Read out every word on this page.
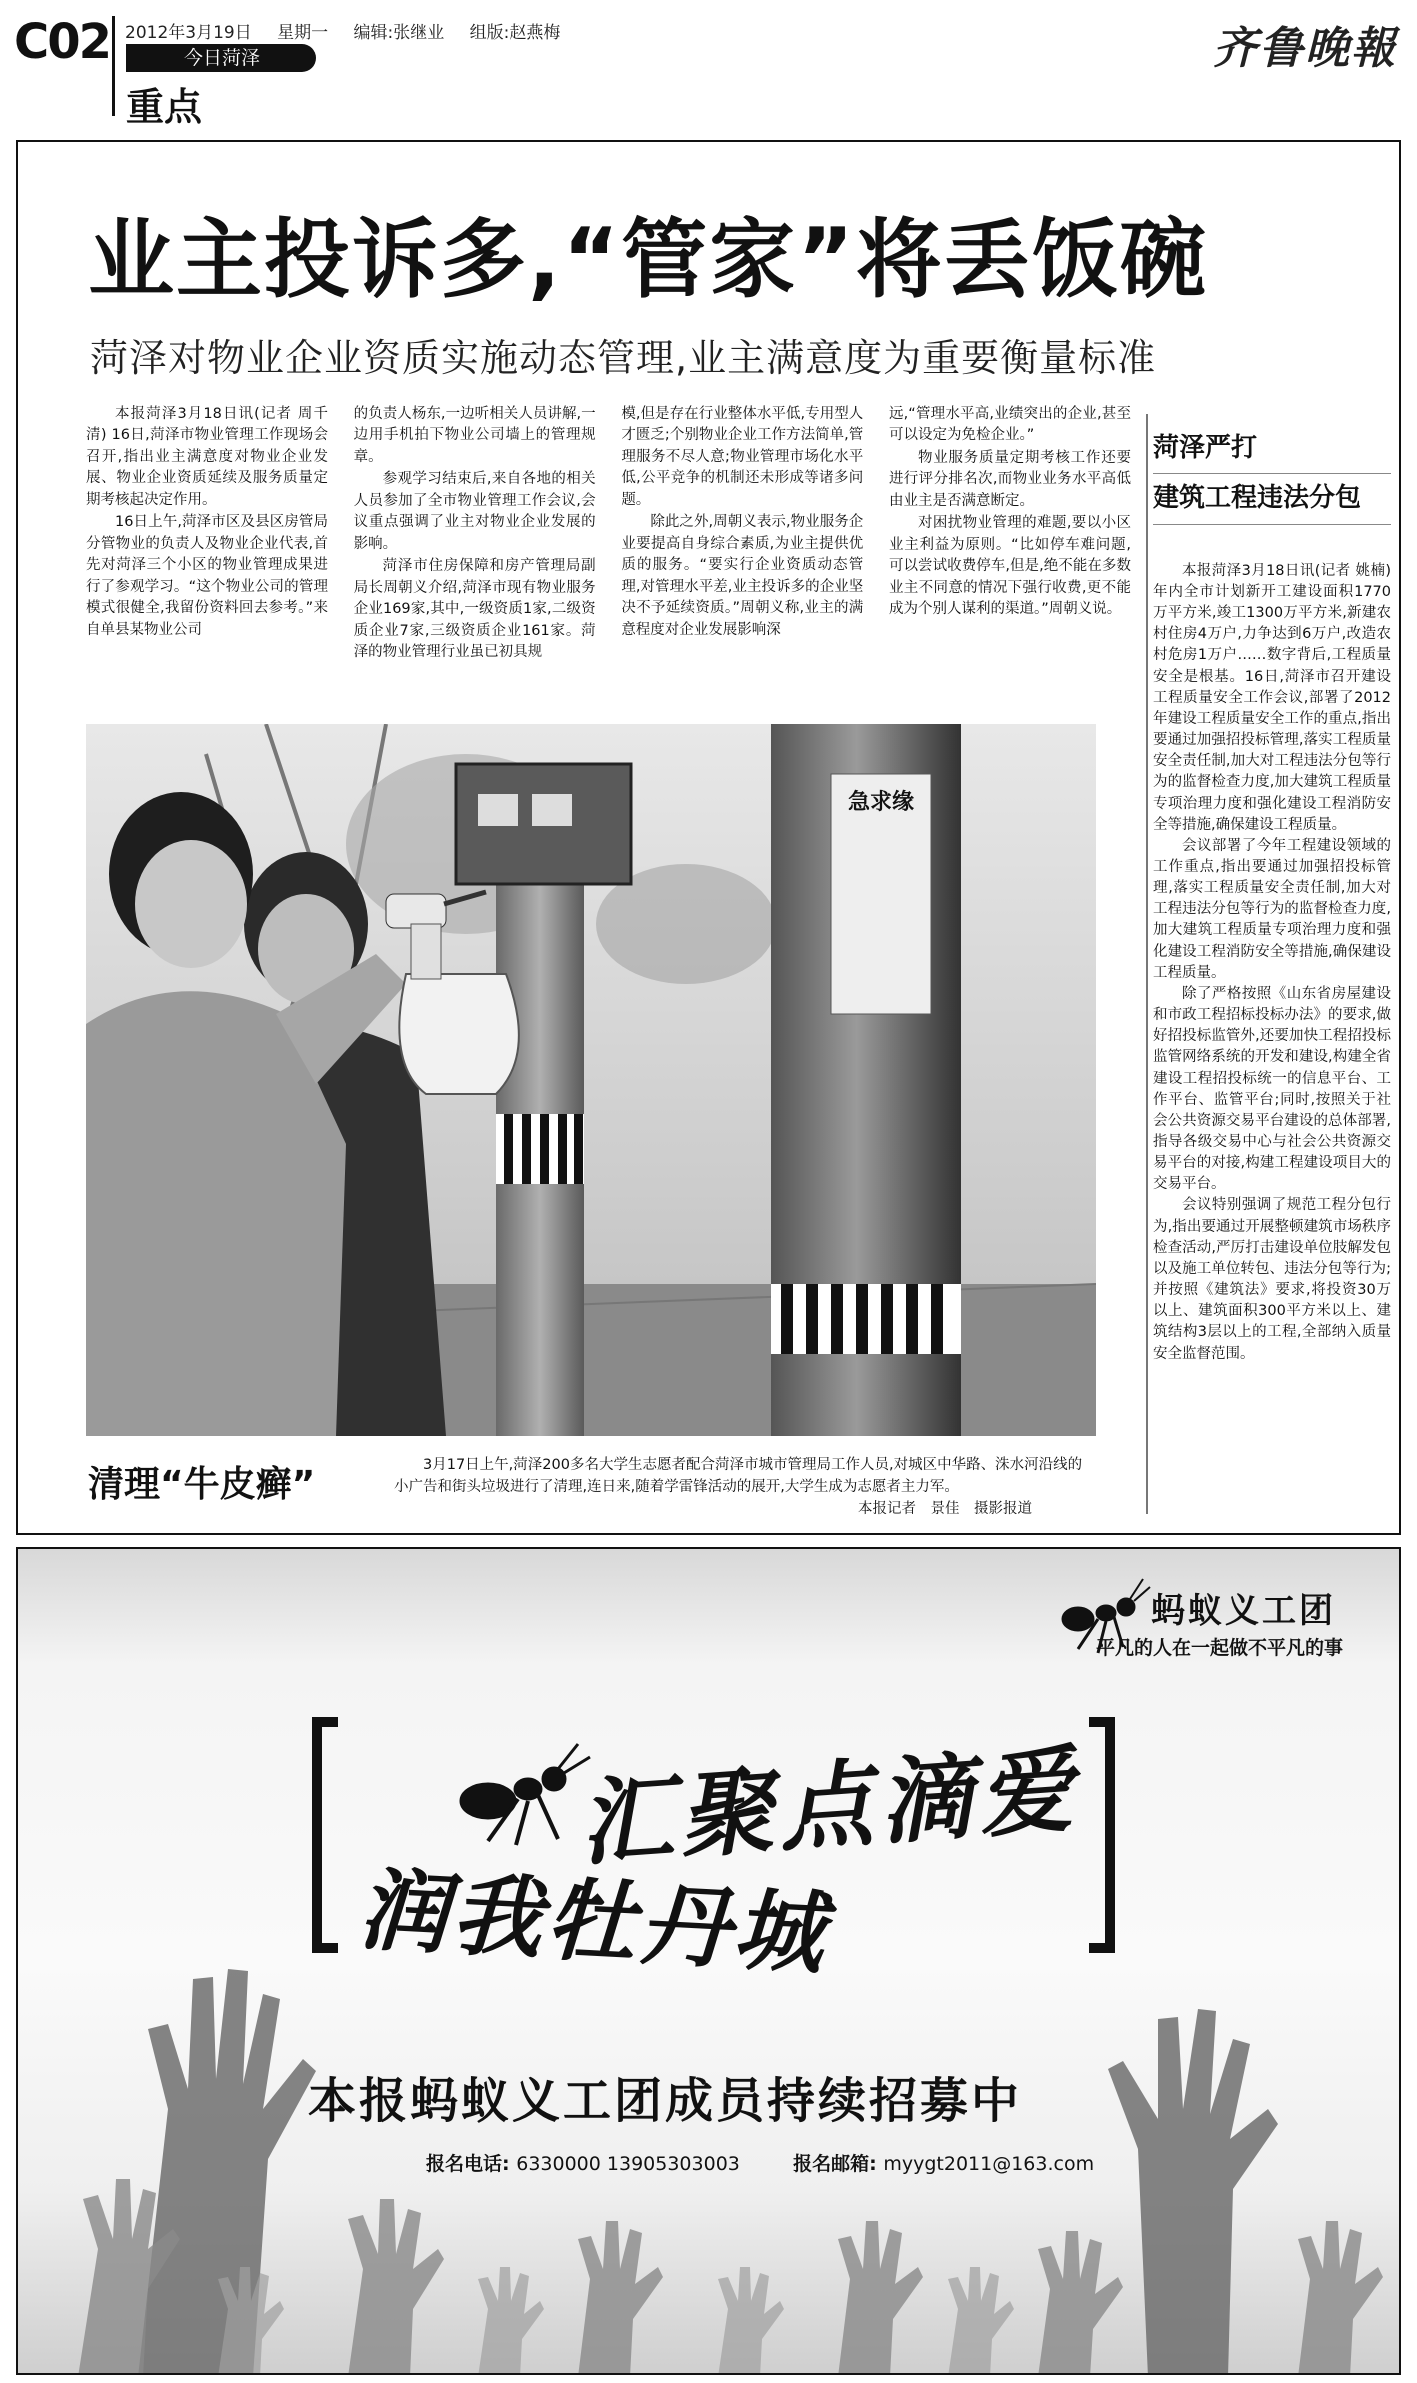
C02 2012年3月19日 星期一 编辑:张继业 组版:赵燕梅
今日菏泽
重点
齐鲁晚報
业主投诉多,“管家”将丢饭碗
菏泽对物业企业资质实施动态管理,业主满意度为重要衡量标准

本报菏泽3月18日讯(记者 周千清) 16日,菏泽市物业管理工作现场会召开,指出业主满意度对物业企业发展、物业企业资质延续及服务质量定期考核起决定作用。

16日上午,菏泽市区及县区房管局分管物业的负责人及物业企业代表,首先对菏泽三个小区的物业管理成果进行了参观学习。“这个物业公司的管理模式很健全,我留份资料回去参考。”来自单县某物业公司

的负责人杨东,一边听相关人员讲解,一边用手机拍下物业公司墙上的管理规章。

参观学习结束后,来自各地的相关人员参加了全市物业管理工作会议,会议重点强调了业主对物业企业发展的影响。

菏泽市住房保障和房产管理局副局长周朝义介绍,菏泽市现有物业服务企业169家,其中,一级资质1家,二级资质企业7家,三级资质企业161家。菏泽的物业管理行业虽已初具规

模,但是存在行业整体水平低,专用型人才匮乏;个别物业企业工作方法简单,管理服务不尽人意;物业管理市场化水平低,公平竞争的机制还未形成等诸多问题。

除此之外,周朝义表示,物业服务企业要提高自身综合素质,为业主提供优质的服务。“要实行企业资质动态管理,对管理水平差,业主投诉多的企业坚决不予延续资质。”周朝义称,业主的满意程度对企业发展影响深

远,“管理水平高,业绩突出的企业,甚至可以设定为免检企业。”

物业服务质量定期考核工作还要进行评分排名次,而物业业务水平高低由业主是否满意断定。

对困扰物业管理的难题,要以小区业主利益为原则。“比如停车难问题,可以尝试收费停车,但是,绝不能在多数业主不同意的情况下强行收费,更不能成为个别人谋利的渠道。”周朝义说。

急求缘
清理“牛皮癣”	3月17日上午,菏泽200多名大学生志愿者配合菏泽市城市管理局工作人员,对城区中华路、洙水河沿线的小广告和街头垃圾进行了清理,连日来,随着学雷锋活动的展开,大学生成为志愿者主力军。
本报记者　景佳　摄影报道
菏泽严打
建筑工程违法分包

本报菏泽3月18日讯(记者 姚楠) 年内全市计划新开工建设面积1770万平方米,竣工1300万平方米,新建农村住房4万户,力争达到6万户,改造农村危房1万户……数字背后,工程质量安全是根基。16日,菏泽市召开建设工程质量安全工作会议,部署了2012年建设工程质量安全工作的重点,指出要通过加强招投标管理,落实工程质量安全责任制,加大对工程违法分包等行为的监督检查力度,加大建筑工程质量专项治理力度和强化建设工程消防安全等措施,确保建设工程质量。

会议部署了今年工程建设领域的工作重点,指出要通过加强招投标管理,落实工程质量安全责任制,加大对工程违法分包等行为的监督检查力度,加大建筑工程质量专项治理力度和强化建设工程消防安全等措施,确保建设工程质量。

除了严格按照《山东省房屋建设和市政工程招标投标办法》的要求,做好招投标监管外,还要加快工程招投标监管网络系统的开发和建设,构建全省建设工程招投标统一的信息平台、工作平台、监管平台;同时,按照关于社会公共资源交易平台建设的总体部署,指导各级交易中心与社会公共资源交易平台的对接,构建工程建设项目大的交易平台。

会议特别强调了规范工程分包行为,指出要通过开展整顿建筑市场秩序检查活动,严厉打击建设单位肢解发包以及施工单位转包、违法分包等行为;并按照《建筑法》要求,将投资30万以上、建筑面积300平方米以上、建筑结构3层以上的工程,全部纳入质量安全监督范围。

蚂蚁义工团
平凡的人在一起做不平凡的事
汇聚点滴爱
润我牡丹城
本报蚂蚁义工团成员持续招募中
报名电话: 6330000 13905303003	报名邮箱: myygt2011@163.com
